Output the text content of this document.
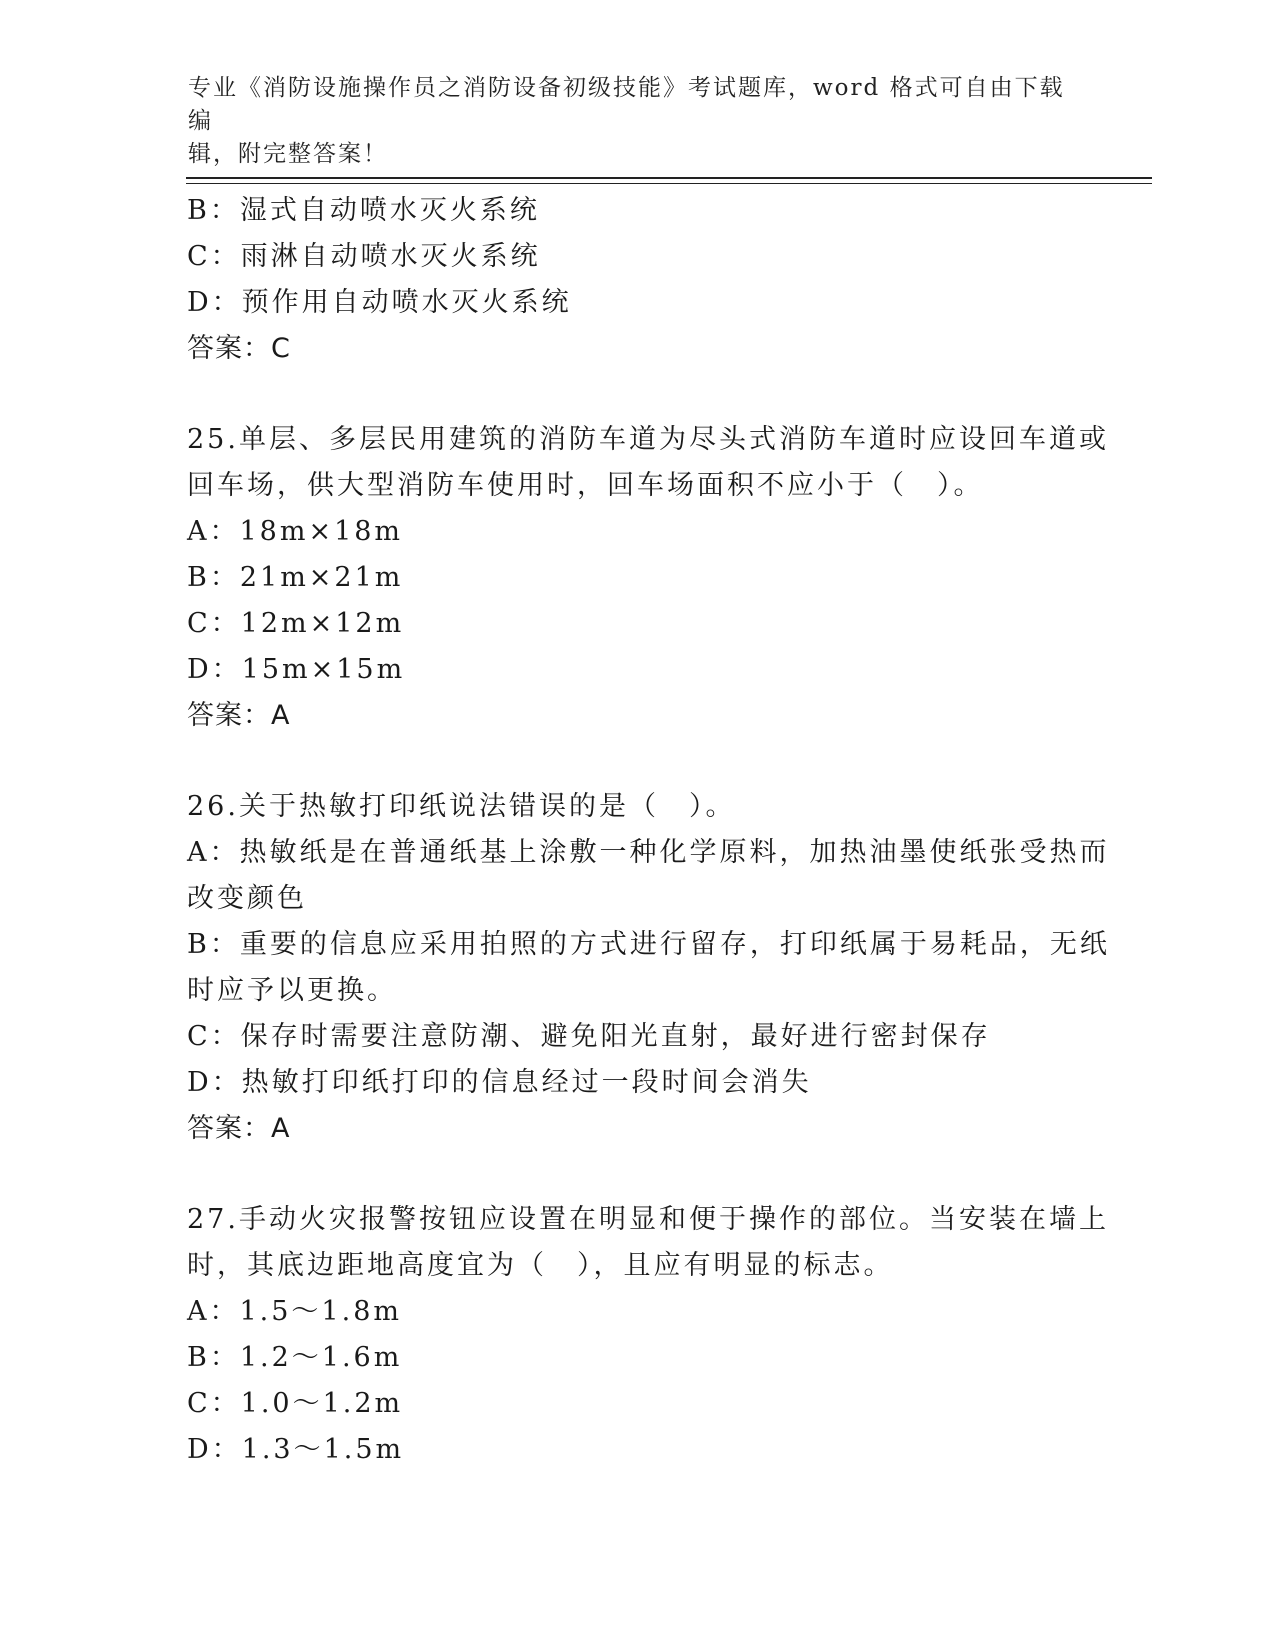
专业《消防设施操作员之消防设备初级技能》考试题库，word 格式可自由下载编
辑，附完整答案！
B：湿式自动喷水灭火系统
C：雨淋自动喷水灭火系统
D：预作用自动喷水灭火系统
答案：C
25.单层、多层民用建筑的消防车道为尽头式消防车道时应设回车道或
回车场，供大型消防车使用时，回车场面积不应小于（　）。
A：18m×18m
B：21m×21m
C：12m×12m
D：15m×15m
答案：A
26.关于热敏打印纸说法错误的是（　）。
A：热敏纸是在普通纸基上涂敷一种化学原料，加热油墨使纸张受热而
改变颜色
B：重要的信息应采用拍照的方式进行留存，打印纸属于易耗品，无纸
时应予以更换。
C：保存时需要注意防潮、避免阳光直射，最好进行密封保存
D：热敏打印纸打印的信息经过一段时间会消失
答案：A
27.手动火灾报警按钮应设置在明显和便于操作的部位。当安装在墙上
时，其底边距地高度宜为（　），且应有明显的标志。
A：1.5～1.8m
B：1.2～1.6m
C：1.0～1.2m
D：1.3～1.5m
